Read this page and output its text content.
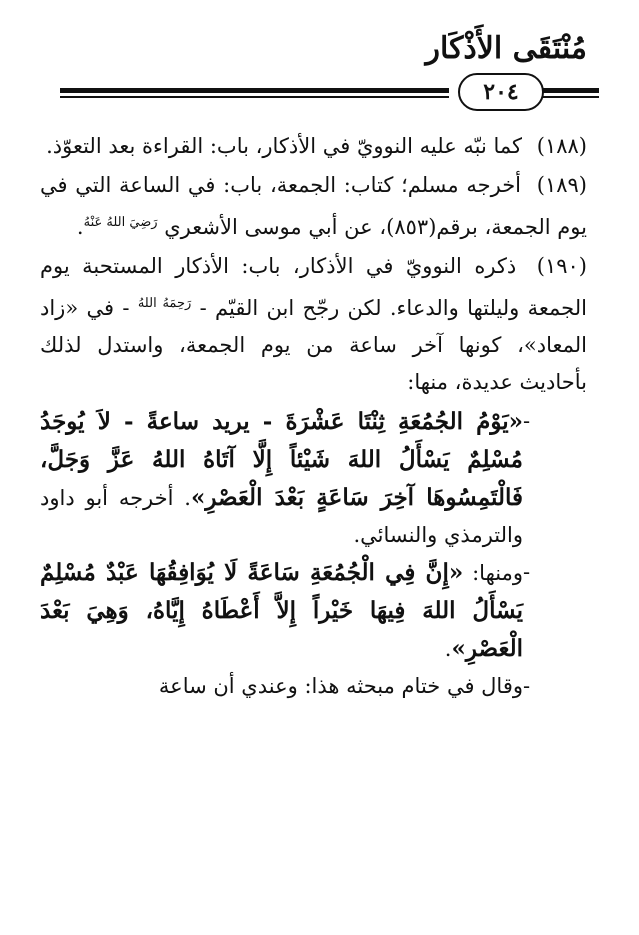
مُنْتَقَى الأَذْكَار
٢٠٤

(١٨٨) كما نبّه عليه النوويّ في الأذكار، باب: القراءة بعد التعوّذ.

(١٨٩) أخرجه مسلم؛ كتاب: الجمعة، باب: في الساعة التي في يوم الجمعة، برقم(٨٥٣)، عن أبي موسى الأشعري $^{رَضِيَ اللهُ عَنْهُ}$.

(١٩٠) ذكره النوويّ في الأذكار، باب: الأذكار المستحبة يوم الجمعة وليلتها والدعاء. لكن رجّح ابن القيّم - $^{رَحِمَهُ اللهُ}$ - في «زاد المعاد»، كونها آخر ساعة من يوم الجمعة، واستدل لذلك بأحاديث عديدة، منها:

-
«يَوْمُ الجُمُعَةِ ثِنْتَا عَشْرَةَ - يريد ساعةً - لاَ يُوجَدُ مُسْلِمٌ يَسْأَلُ اللهَ شَيْئاً إِلَّا آتَاهُ اللهُ عَزَّ وَجَلَّ، فَالْتَمِسُوهَا آخِرَ سَاعَةٍ بَعْدَ الْعَصْرِ». أخرجه أبو داود والترمذي والنسائي.
-
ومنها: «إِنَّ فِي الْجُمُعَةِ سَاعَةً لَا يُوَافِقُهَا عَبْدٌ مُسْلِمٌ يَسْأَلُ اللهَ فِيهَا خَيْراً إِلاَّ أَعْطَاهُ إِيَّاهُ، وَهِيَ بَعْدَ الْعَصْرِ».
-
وقال في ختام مبحثه هذا: وعندي أن ساعة
